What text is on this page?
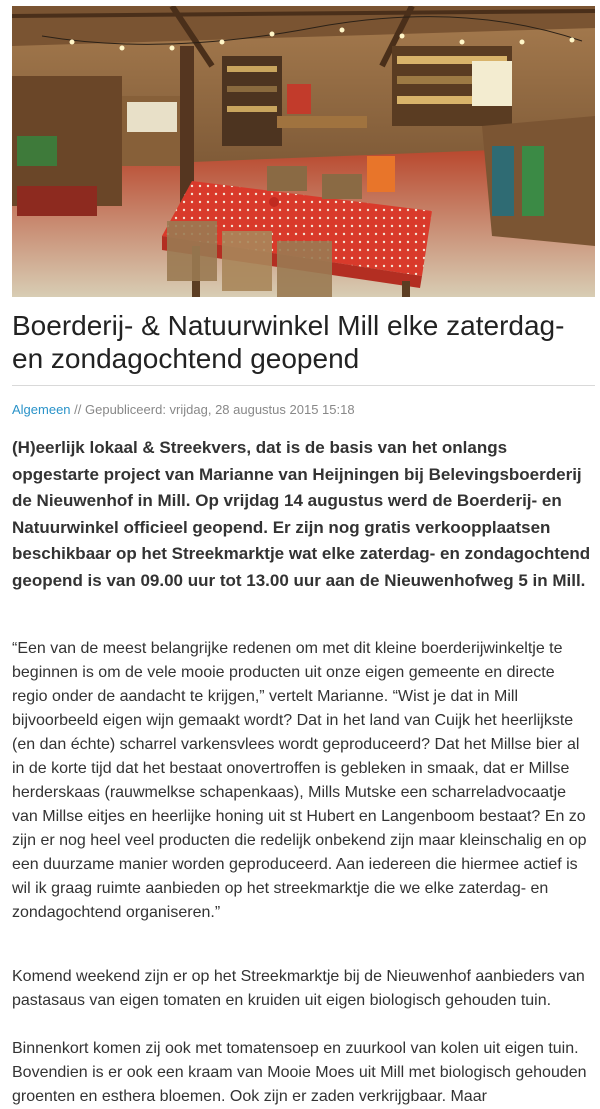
Boerderij- & Natuurwinkel Mill elke zaterdag- en zondagochtend geopend
Algemeen // Gepubliceerd: vrijdag, 28 augustus 2015 15:18

(H)eerlijk lokaal & Streekvers, dat is de basis van het onlangs opgestarte project van Marianne van Heijningen bij Belevingsboerderij de Nieuwenhof in Mill. Op vrijdag 14 augustus werd de Boerderij- en Natuurwinkel officieel geopend. Er zijn nog gratis verkoopplaatsen beschikbaar op het Streekmarktje wat elke zaterdag- en zondagochtend geopend is van 09.00 uur tot 13.00 uur aan de Nieuwenhofweg 5 in Mill.

“Een van de meest belangrijke redenen om met dit kleine boerderijwinkeltje te beginnen is om de vele mooie producten uit onze eigen gemeente en directe regio onder de aandacht te krijgen,” vertelt Marianne. “Wist je dat in Mill bijvoorbeeld eigen wijn gemaakt wordt? Dat in het land van Cuijk het heerlijkste (en dan échte) scharrel varkensvlees wordt geproduceerd? Dat het Millse bier al in de korte tijd dat het bestaat onovertroffen is gebleken in smaak, dat er Millse herderskaas (rauwmelkse schapenkaas), Mills Mutske een scharreladvocaatje van Millse eitjes en heerlijke honing uit st Hubert en Langenboom bestaat? En zo zijn er nog heel veel producten die redelijk onbekend zijn maar kleinschalig en op een duurzame manier worden geproduceerd. Aan iedereen die hiermee actief is wil ik graag ruimte aanbieden op het streekmarktje die we elke zaterdag- en zondagochtend organiseren.”

Komend weekend zijn er op het Streekmarktje bij de Nieuwenhof aanbieders van pastasaus van eigen tomaten en kruiden uit eigen biologisch gehouden tuin.

Binnenkort komen zij ook met tomatensoep en zuurkool van kolen uit eigen tuin. Bovendien is er ook een kraam van Mooie Moes uit Mill met biologisch gehouden groenten en esthera bloemen. Ook zijn er zaden verkrijgbaar. Maar
